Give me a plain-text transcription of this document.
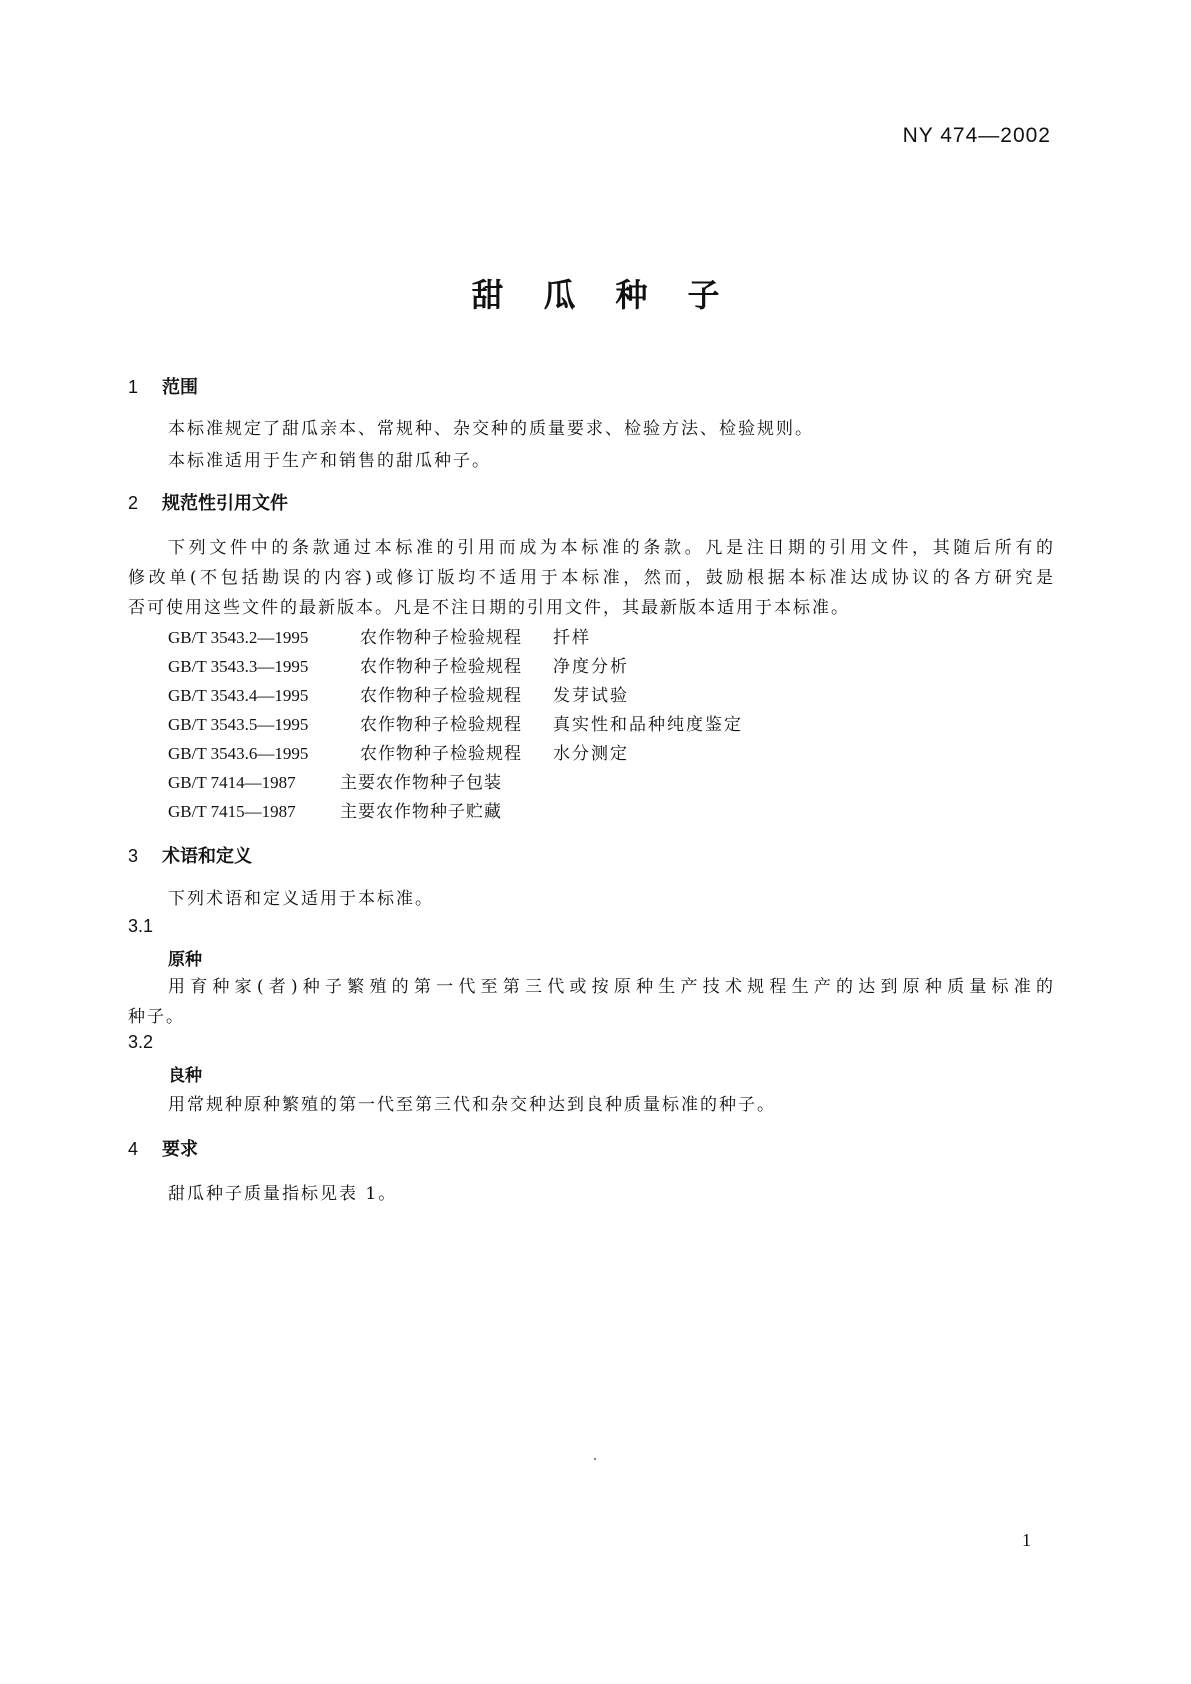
NY 474—2002
甜瓜种子
1 范围
本标准规定了甜瓜亲本、常规种、杂交种的质量要求、检验方法、检验规则。
本标准适用于生产和销售的甜瓜种子。
2 规范性引用文件
下列文件中的条款通过本标准的引用而成为本标准的条款。凡是注日期的引用文件，其随后所有的
修改单(不包括勘误的内容)或修订版均不适用于本标准，然而，鼓励根据本标准达成协议的各方研究是
否可使用这些文件的最新版本。凡是不注日期的引用文件，其最新版本适用于本标准。
GB/T 3543.2—1995	农作物种子检验规程 扦样
GB/T 3543.3—1995	农作物种子检验规程 净度分析
GB/T 3543.4—1995	农作物种子检验规程 发芽试验
GB/T 3543.5—1995	农作物种子检验规程 真实性和品种纯度鉴定
GB/T 3543.6—1995	农作物种子检验规程 水分测定
GB/T 7414—1987	主要农作物种子包装
GB/T 7415—1987	主要农作物种子贮藏
3 术语和定义
下列术语和定义适用于本标准。
3.1
原种
用育种家(者)种子繁殖的第一代至第三代或按原种生产技术规程生产的达到原种质量标准的
种子。
3.2
良种
用常规种原种繁殖的第一代至第三代和杂交种达到良种质量标准的种子。
4 要求
甜瓜种子质量指标见表 1。
1
